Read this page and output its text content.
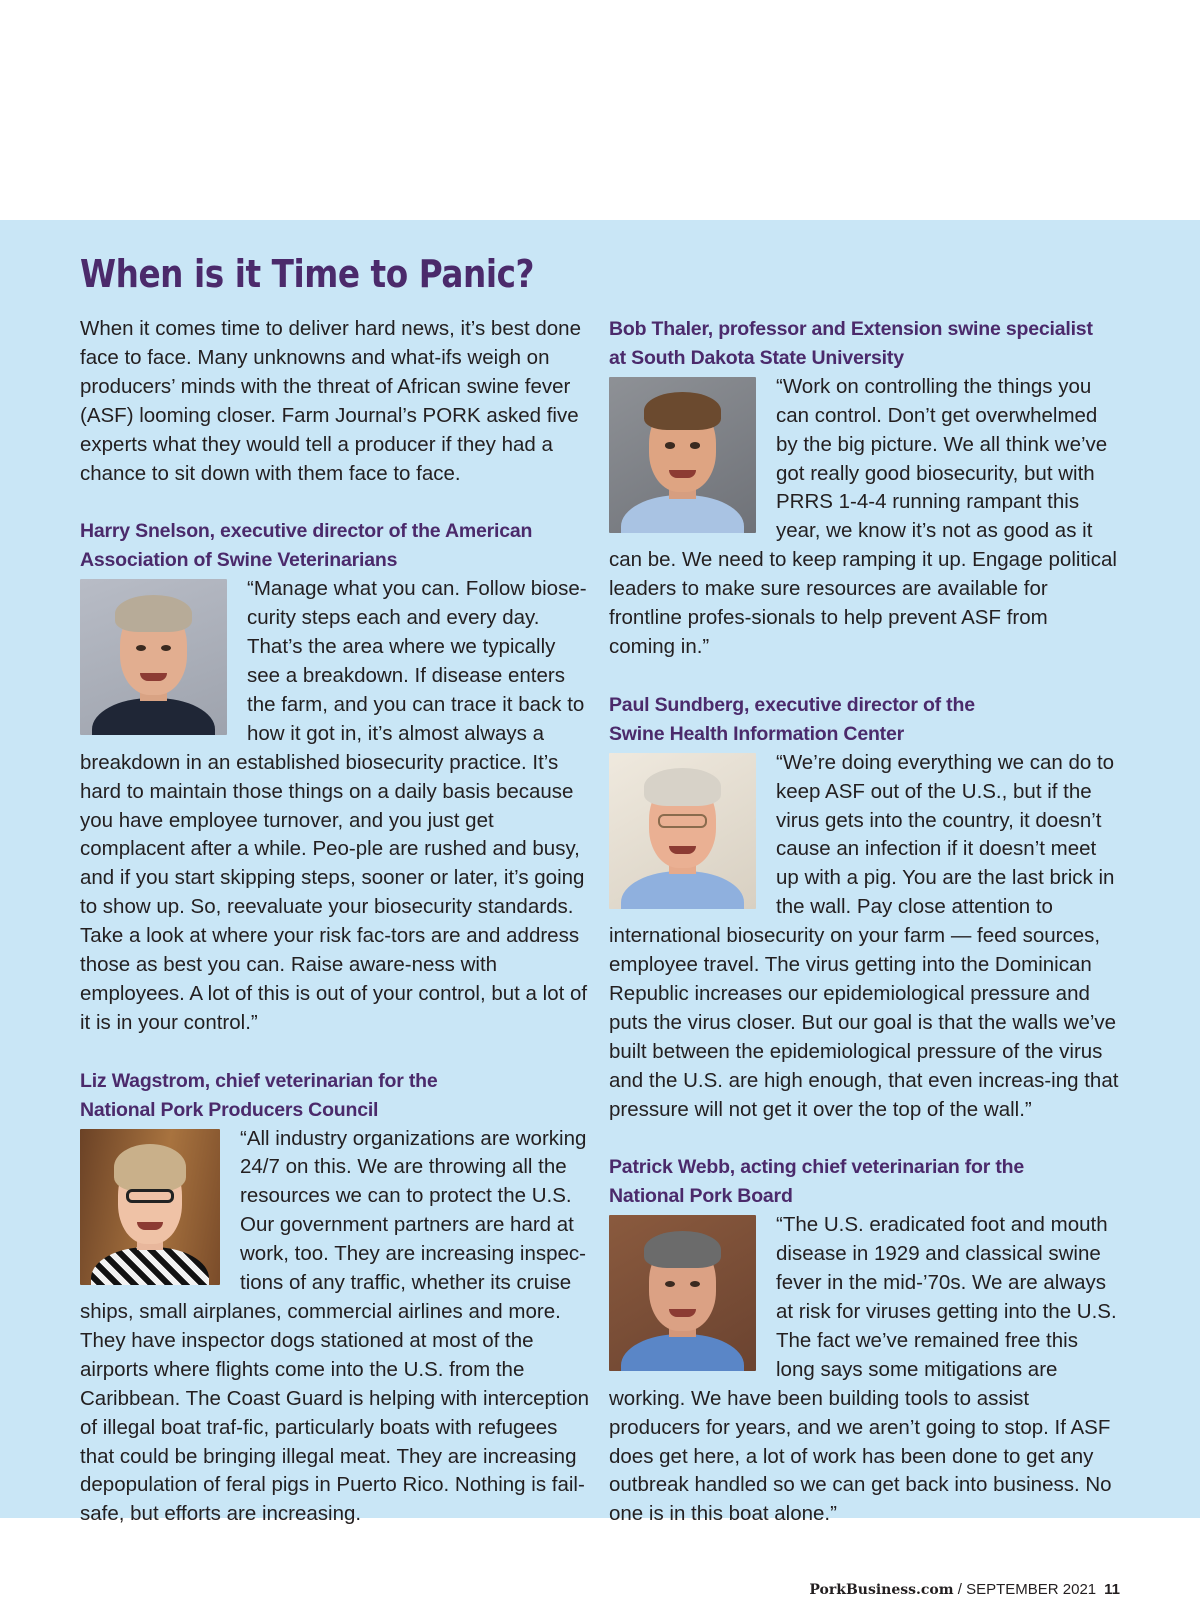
When is it Time to Panic?

When it comes time to deliver hard news, it’s best done face to face. Many unknowns and what-ifs weigh on producers’ minds with the threat of African swine fever (ASF) looming closer. Farm Journal’s PORK asked five experts what they would tell a producer if they had a chance to sit down with them face to face.

Harry Snelson, executive director of the American
Association of Swine Veterinarians

“Manage what you can. Follow biose-curity steps each and every day. That’s the area where we typically see a breakdown. If disease enters the farm, and you can trace it back to how it got in, it’s almost always a breakdown in an established biosecurity practice. It’s hard to maintain those things on a daily basis because you have employee turnover, and you just get complacent after a while. Peo-ple are rushed and busy, and if you start skipping steps, sooner or later, it’s going to show up. So, reevaluate your biosecurity standards. Take a look at where your risk fac-tors are and address those as best you can. Raise aware-ness with employees. A lot of this is out of your control, but a lot of it is in your control.”

Liz Wagstrom, chief veterinarian for the
National Pork Producers Council

“All industry organizations are working 24/7 on this. We are throwing all the resources we can to protect the U.S. Our government partners are hard at work, too. They are increasing inspec-tions of any traffic, whether its cruise ships, small airplanes, commercial airlines and more. They have inspector dogs stationed at most of the airports where flights come into the U.S. from the Caribbean. The Coast Guard is helping with interception of illegal boat traf-fic, particularly boats with refugees that could be bringing illegal meat. They are increasing depopulation of feral pigs in Puerto Rico. Nothing is fail-safe, but efforts are increasing.

Bob Thaler, professor and Extension swine specialist
at South Dakota State University

“Work on controlling the things you can control. Don’t get overwhelmed by the big picture. We all think we’ve got really good biosecurity, but with PRRS 1-4-4 running rampant this year, we know it’s not as good as it can be. We need to keep ramping it up. Engage political leaders to make sure resources are available for frontline profes-sionals to help prevent ASF from coming in.”

Paul Sundberg, executive director of the
Swine Health Information Center

“We’re doing everything we can do to keep ASF out of the U.S., but if the virus gets into the country, it doesn’t cause an infection if it doesn’t meet up with a pig. You are the last brick in the wall. Pay close attention to international biosecurity on your farm — feed sources, employee travel. The virus getting into the Dominican Republic increases our epidemiological pressure and puts the virus closer. But our goal is that the walls we’ve built between the epidemiological pressure of the virus and the U.S. are high enough, that even increas-ing that pressure will not get it over the top of the wall.”

Patrick Webb, acting chief veterinarian for the
National Pork Board

“The U.S. eradicated foot and mouth disease in 1929 and classical swine fever in the mid-’70s. We are always at risk for viruses getting into the U.S. The fact we’ve remained free this long says some mitigations are working. We have been building tools to assist producers for years, and we aren’t going to stop. If ASF does get here, a lot of work has been done to get any outbreak handled so we can get back into business. No one is in this boat alone.”

PorkBusiness.com / SEPTEMBER 2021 11
